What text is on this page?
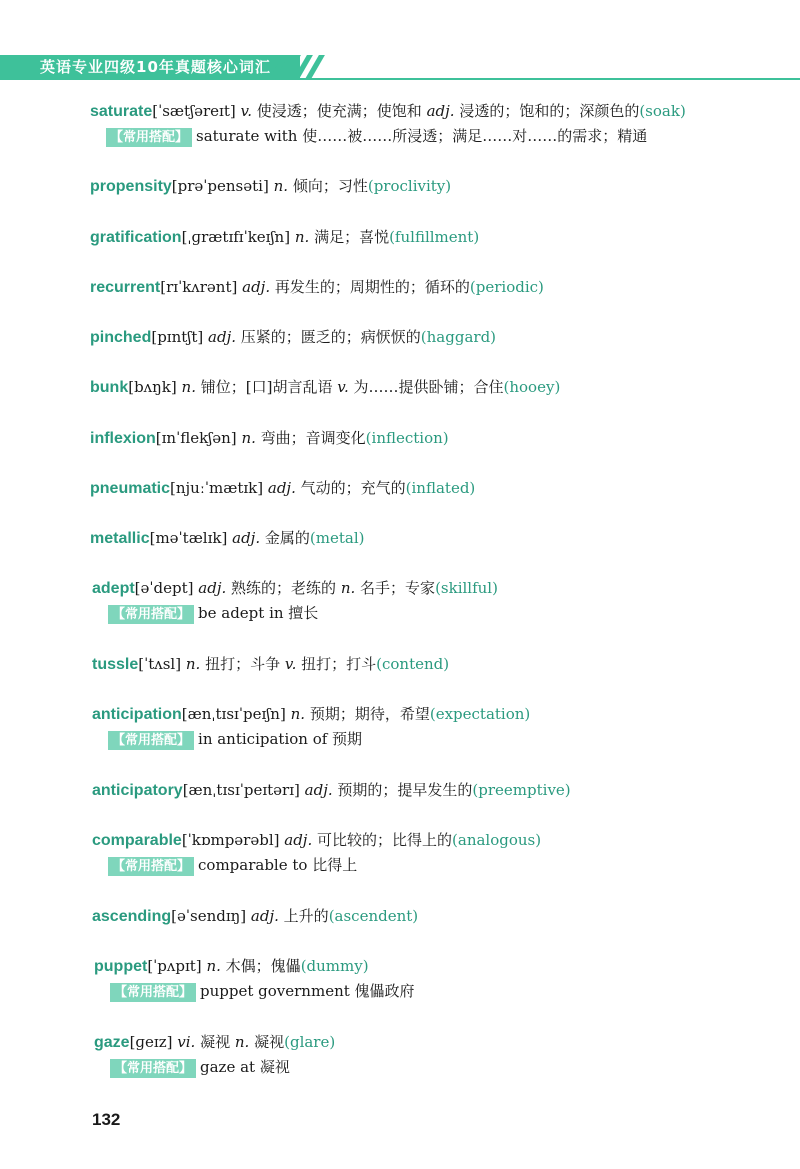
英语专业四级10年真题核心词汇
saturate[ˈsætʃəreɪt] v. 使浸透；使充满；使饱和 adj. 浸透的；饱和的；深颜色的(soak)
【常用搭配】 saturate with 使……被……所浸透；满足……对……的需求；精通
propensity[prəˈpensəti] n. 倾向；习性(proclivity)
gratification[ˌɡrætɪfɪˈkeɪʃn] n. 满足；喜悦(fulfillment)
recurrent[rɪˈkʌrənt] adj. 再发生的；周期性的；循环的(periodic)
pinched[pɪntʃt] adj. 压紧的；匮乏的；病恹恹的(haggard)
bunk[bʌŋk] n. 铺位；[口]胡言乱语 v. 为……提供卧铺；合住(hooey)
inflexion[ɪnˈflekʃən] n. 弯曲；音调变化(inflection)
pneumatic[njuːˈmætɪk] adj. 气动的；充气的(inflated)
metallic[məˈtælɪk] adj. 金属的(metal)
adept[əˈdept] adj. 熟练的；老练的 n. 名手；专家(skillful)
【常用搭配】 be adept in 擅长
tussle[ˈtʌsl] n. 扭打；斗争 v. 扭打；打斗(contend)
anticipation[ænˌtɪsɪˈpeɪʃn] n. 预期；期待，希望(expectation)
【常用搭配】 in anticipation of 预期
anticipatory[ænˌtɪsɪˈpeɪtərɪ] adj. 预期的；提早发生的(preemptive)
comparable[ˈkɒmpərəbl] adj. 可比较的；比得上的(analogous)
【常用搭配】 comparable to 比得上
ascending[əˈsendɪŋ] adj. 上升的(ascendent)
puppet[ˈpʌpɪt] n. 木偶；傀儡(dummy)
【常用搭配】 puppet government 傀儡政府
gaze[ɡeɪz] vi. 凝视 n. 凝视(glare)
【常用搭配】 gaze at 凝视
132
